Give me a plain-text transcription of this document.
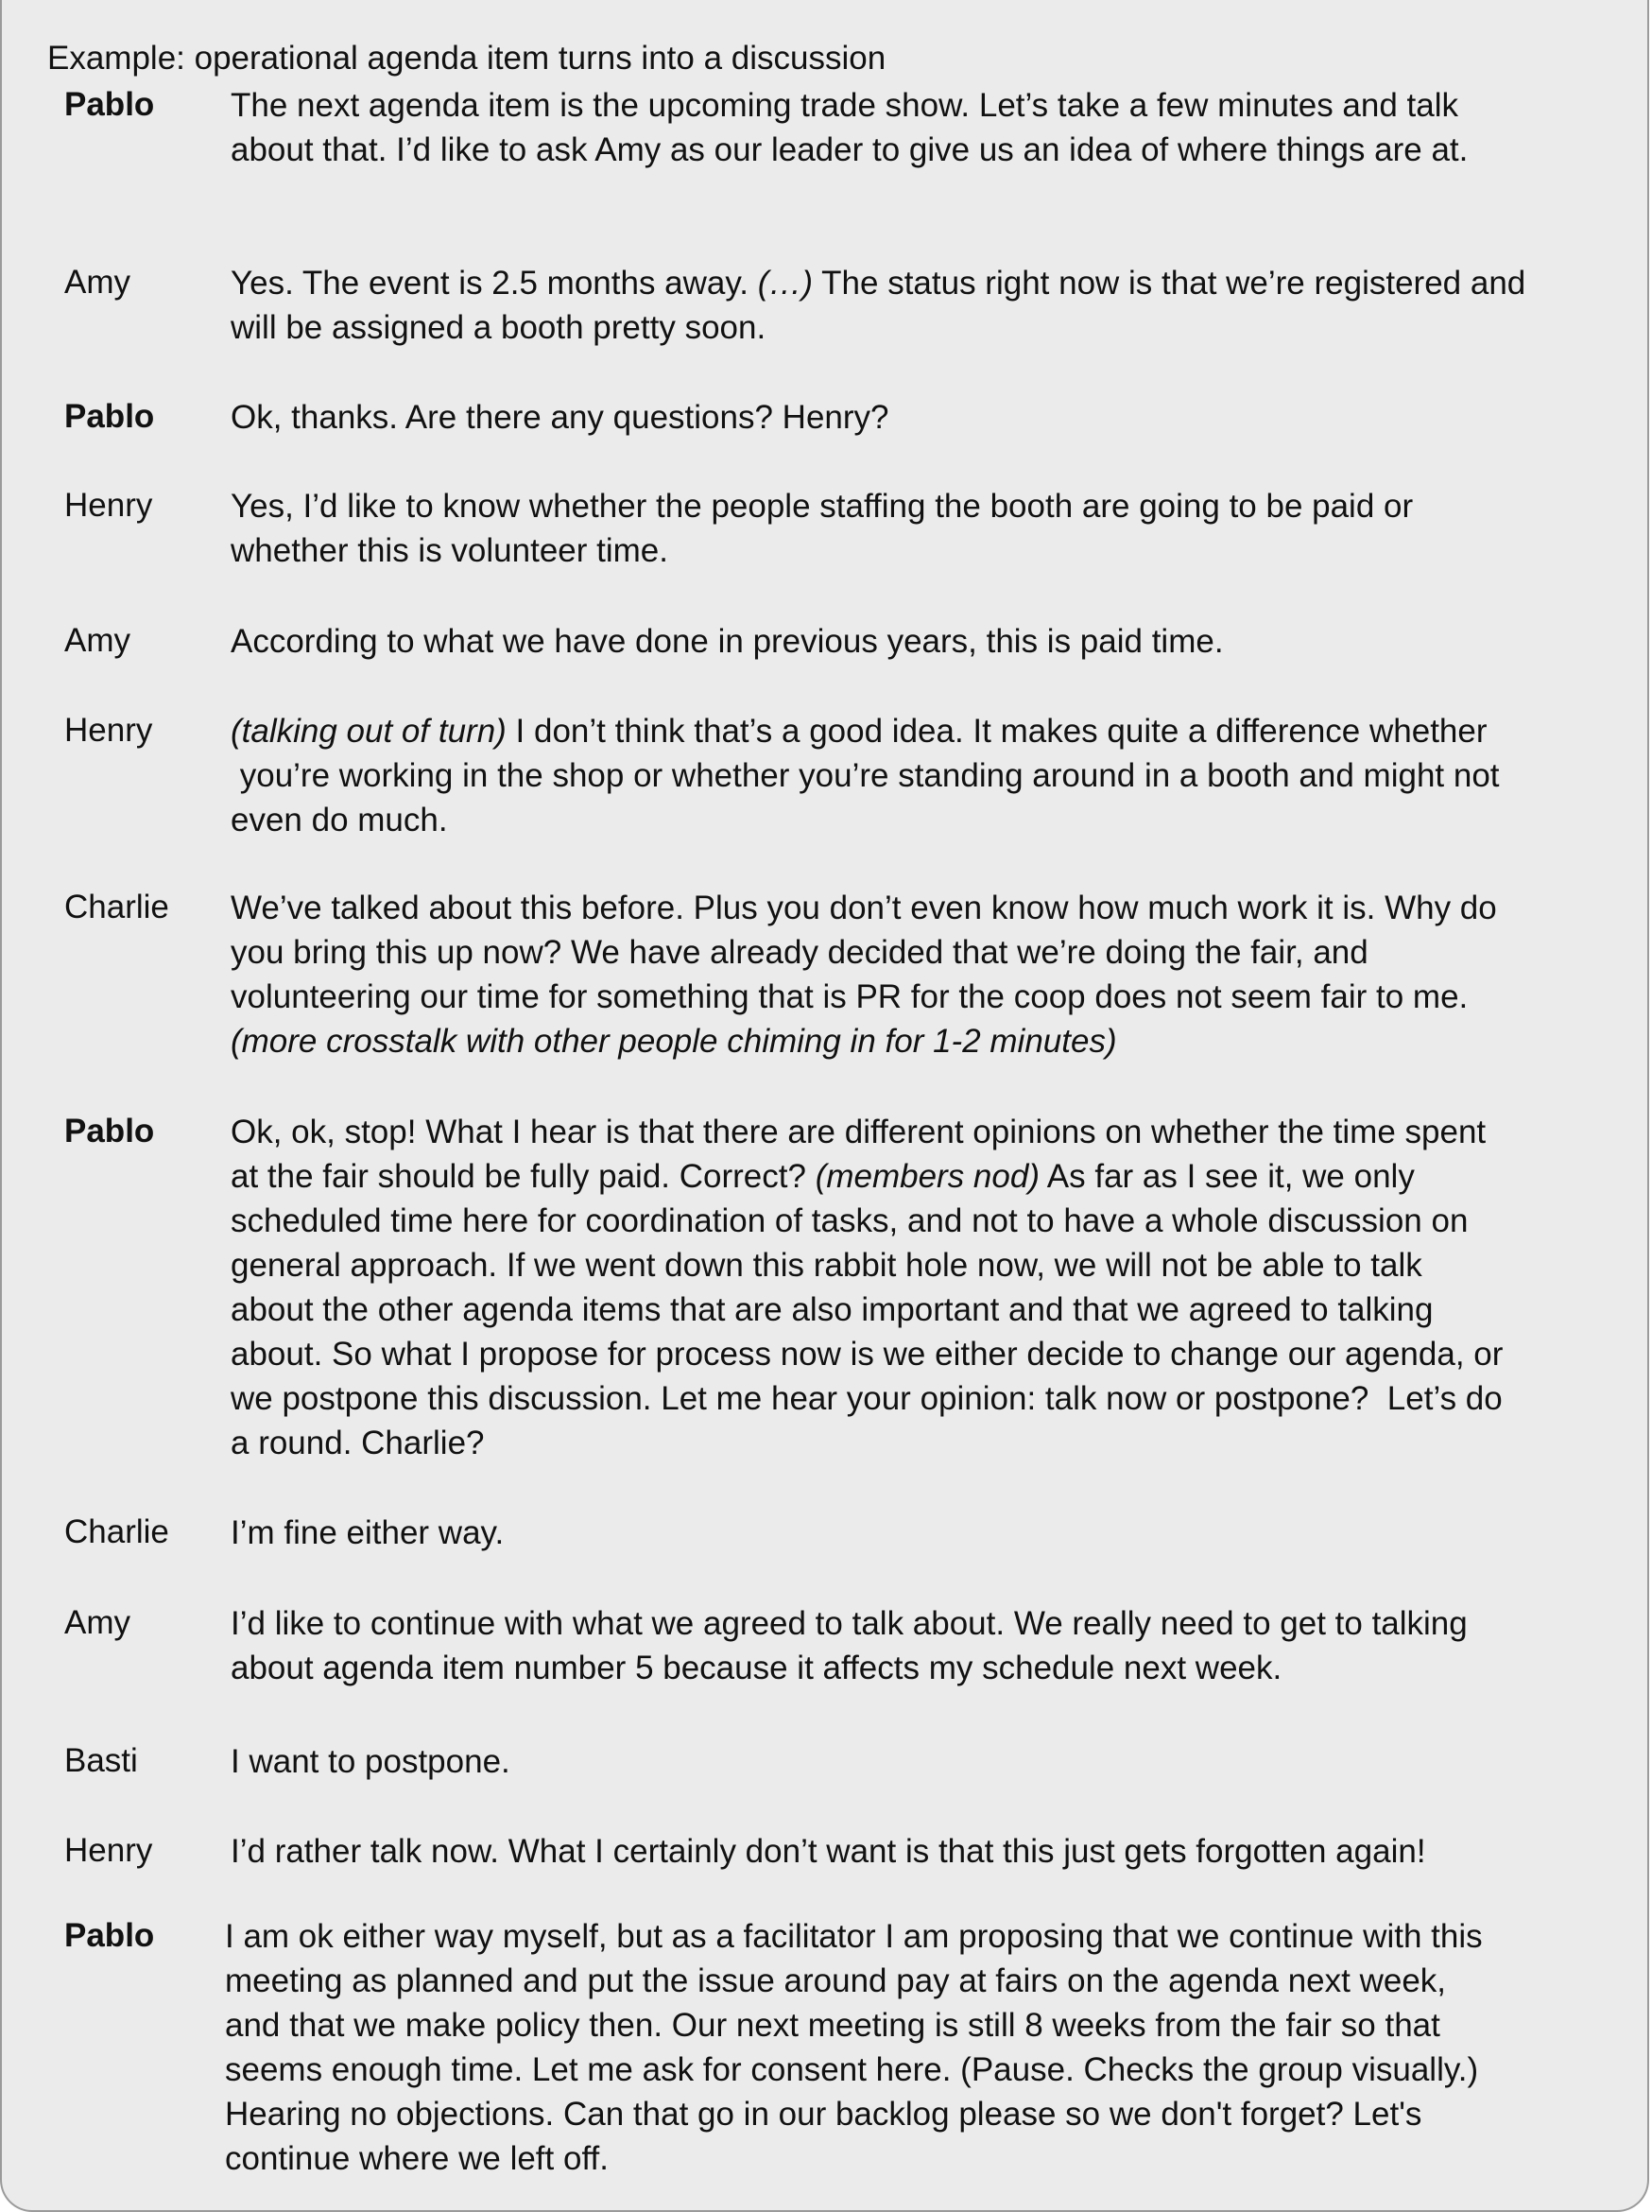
Example: operational agenda item turns into a discussion
Pablo The next agenda item is the upcoming trade show. Let’s take a few minutes and talk
about that. I’d like to ask Amy as our leader to give us an idea of where things are at.
Amy	Yes. The event is 2.5 months away. (…) The status right now is that we’re registered and
will be assigned a booth pretty soon.
Pablo Ok, thanks. Are there any questions? Henry?
Henry Yes, I’d like to know whether the people staffing the booth are going to be paid or
whether this is volunteer time.
Amy	According to what we have done in previous years, this is paid time.
Henry (talking out of turn) I don’t think that’s a good idea. It makes quite a difference whether
you’re working in the shop or whether you’re standing around in a booth and might not
even do much.
Charlie We’ve talked about this before. Plus you don’t even know how much work it is. Why do
you bring this up now? We have already decided that we’re doing the fair, and
volunteering our time for something that is PR for the coop does not seem fair to me.
(more crosstalk with other people chiming in for 1-2 minutes)
Pablo Ok, ok, stop! What I hear is that there are different opinions on whether the time spent
at the fair should be fully paid. Correct? (members nod) As far as I see it, we only
scheduled time here for coordination of tasks, and not to have a whole discussion on
general approach. If we went down this rabbit hole now, we will not be able to talk
about the other agenda items that are also important and that we agreed to talking
about. So what I propose for process now is we either decide to change our agenda, or
we postpone this discussion. Let me hear your opinion: talk now or postpone?  Let’s do
a round. Charlie?
Charlie I’m fine either way.
Amy	I’d like to continue with what we agreed to talk about. We really need to get to talking
about agenda item number 5 because it affects my schedule next week.
Basti	I want to postpone.
Henry I’d rather talk now. What I certainly don’t want is that this just gets forgotten again!
Pablo I am ok either way myself, but as a facilitator I am proposing that we continue with this
meeting as planned and put the issue around pay at fairs on the agenda next week,
and that we make policy then. Our next meeting is still 8 weeks from the fair so that
seems enough time. Let me ask for consent here. (Pause. Checks the group visually.)
Hearing no objections. Can that go in our backlog please so we don't forget? Let's
continue where we left off.
